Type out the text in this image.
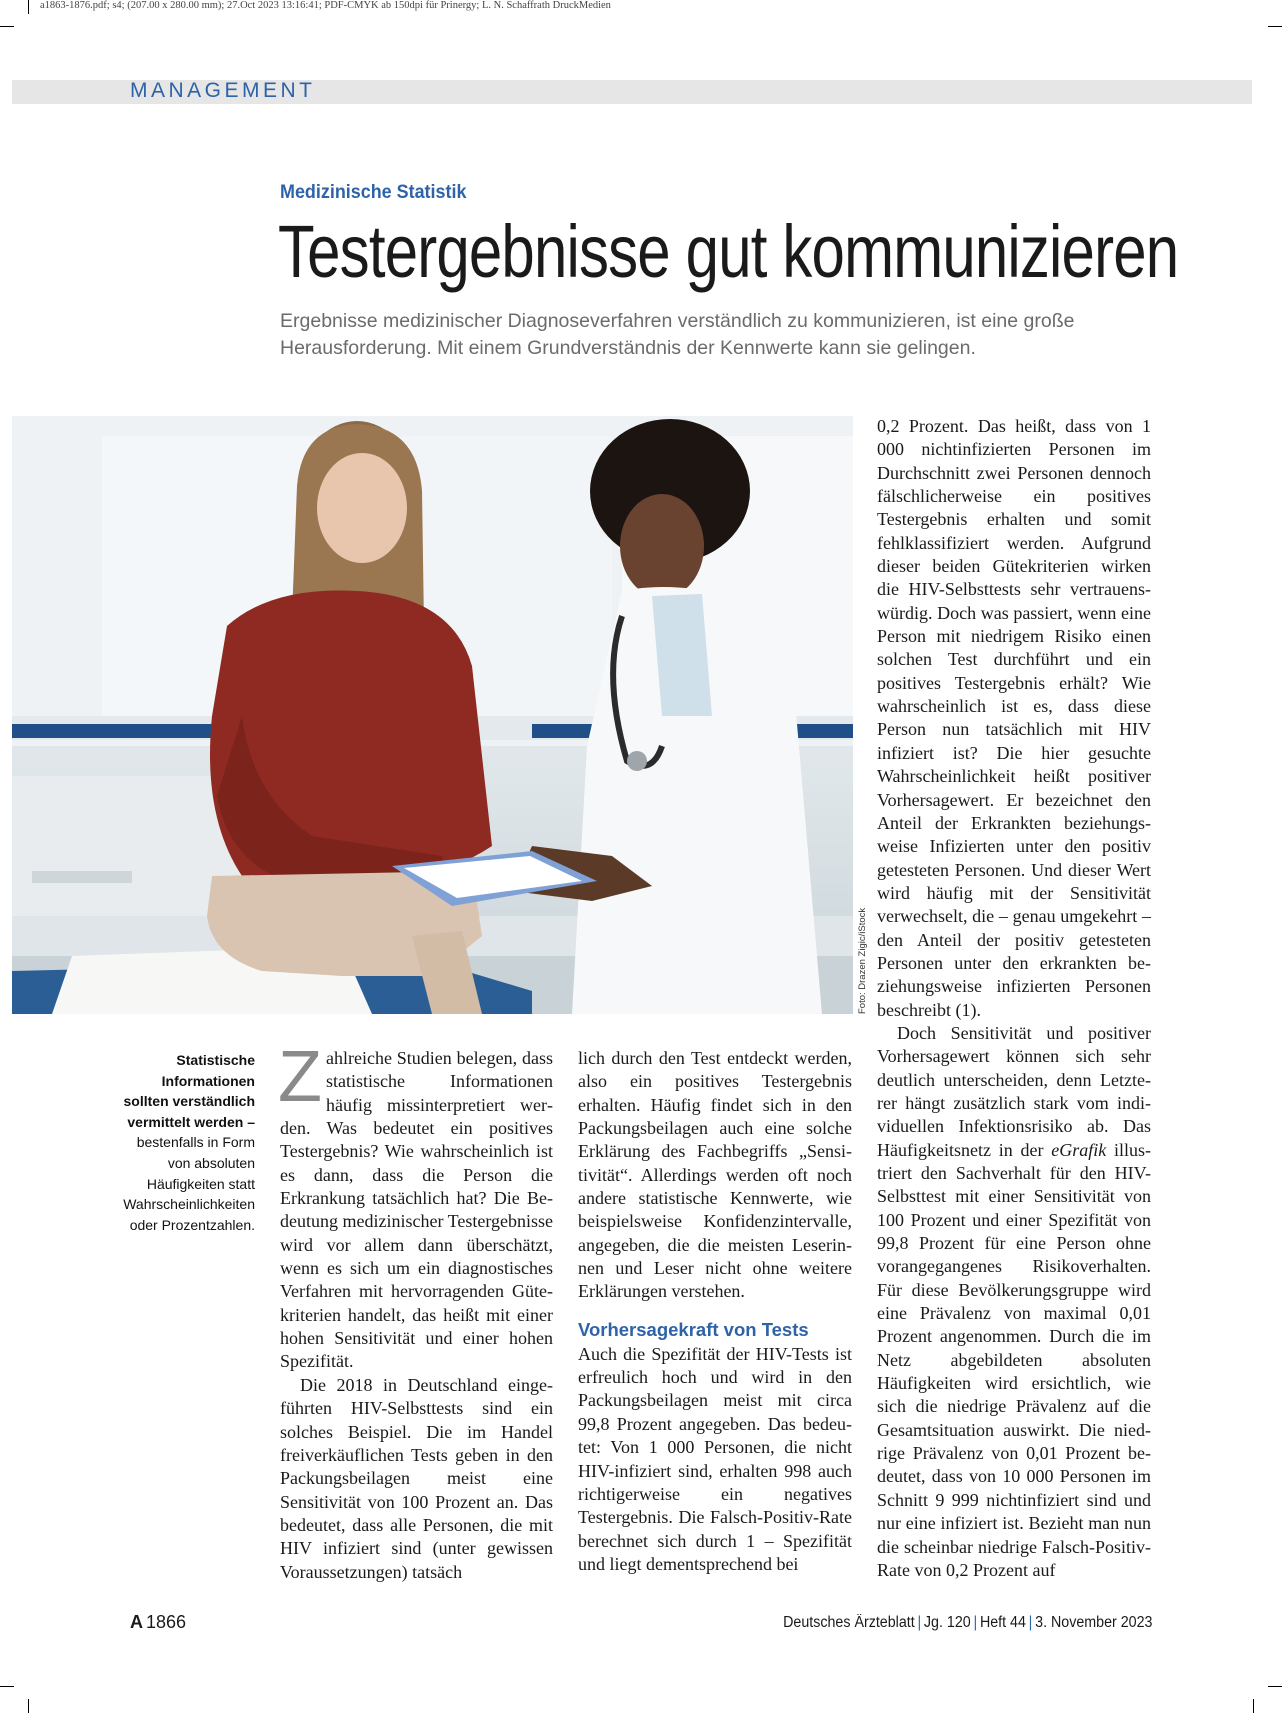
a1863-1876.pdf; s4; (207.00 x 280.00 mm); 27.Oct 2023 13:16:41; PDF-CMYK ab 150dpi für Prinergy; L. N. Schaffrath DruckMedien
MANAGEMENT
Medizinische Statistik
Testergebnisse gut kommunizieren
Ergebnisse medizinischer Diagnoseverfahren verständlich zu kommunizieren, ist eine große Herausforderung. Mit einem Grundverständnis der Kennwerte kann sie gelingen.
Foto: Drazen Zigic/iStock
Statistische Informationen sollten verständlich vermittelt werden – bestenfalls in Form von absoluten Häufigkeiten statt Wahrscheinlichkeiten oder Prozentzahlen.

Zahlreiche Studien belegen, dass statistische Informationen häufig missinterpretiert werden. Was bedeutet ein positives Testergebnis? Wie wahrscheinlich ist es dann, dass die Person die Erkrankung tatsächlich hat? Die Bedeutung medizinischer Testergebnisse wird vor allem dann überschätzt, wenn es sich um ein diagnostisches Verfahren mit hervorragenden Gütekriterien handelt, das heißt mit einer hohen Sensitivität und einer hohen Spezifität.

Die 2018 in Deutschland eingeführten HIV-Selbsttests sind ein solches Beispiel. Die im Handel freiverkäuflichen Tests geben in den Packungsbeilagen meist eine Sensitivität von 100 Prozent an. Das bedeutet, dass alle Personen, die mit HIV infiziert sind (unter gewissen Voraussetzungen) tatsäch

lich durch den Test entdeckt werden, also ein positives Testergebnis erhalten. Häufig findet sich in den Packungsbeilagen auch eine solche Erklärung des Fachbegriffs „Sensitivität“. Allerdings werden oft noch andere statistische Kennwerte, wie beispielsweise Konfidenzintervalle, angegeben, die die meisten Leserinnen und Leser nicht ohne weitere Erklärungen verstehen.

Vorhersagekraft von Tests

Auch die Spezifität der HIV-Tests ist erfreulich hoch und wird in den Packungsbeilagen meist mit circa 99,8 Prozent angegeben. Das bedeutet: Von 1 000 Personen, die nicht HIV-infiziert sind, erhalten 998 auch richtigerweise ein negatives Testergebnis. Die Falsch-Positiv-Rate berechnet sich durch 1 – Spezifität und liegt dementsprechend bei

0,2 Prozent. Das heißt, dass von 1 000 nichtinfizierten Personen im Durchschnitt zwei Personen dennoch fälschlicherweise ein positives Testergebnis erhalten und somit fehlklassifiziert werden. Aufgrund dieser beiden Gütekriterien wirken die HIV-Selbsttests sehr vertrauenswürdig. Doch was passiert, wenn eine Person mit niedrigem Risiko einen solchen Test durchführt und ein positives Testergebnis erhält? Wie wahrscheinlich ist es, dass diese Person nun tatsächlich mit HIV infiziert ist? Die hier gesuchte Wahrscheinlichkeit heißt positiver Vorhersagewert. Er bezeichnet den Anteil der Erkrankten beziehungsweise Infizierten unter den positiv getesteten Personen. Und dieser Wert wird häufig mit der Sensitivität verwechselt, die – genau umgekehrt – den Anteil der positiv getesteten Personen unter den erkrankten beziehungsweise infizierten Personen beschreibt (1).

Doch Sensitivität und positiver Vorhersagewert können sich sehr deutlich unterscheiden, denn Letzterer hängt zusätzlich stark vom individuellen Infektionsrisiko ab. Das Häufigkeitsnetz in der eGrafik illustriert den Sachverhalt für den HIV-Selbsttest mit einer Sensitivität von 100 Prozent und einer Spezifität von 99,8 Prozent für eine Person ohne vorangegangenes Risikoverhalten. Für diese Bevölkerungsgruppe wird eine Prävalenz von maximal 0,01 Prozent angenommen. Durch die im Netz abgebildeten absoluten Häufigkeiten wird ersichtlich, wie sich die niedrige Prävalenz auf die Gesamtsituation auswirkt. Die niedrige Prävalenz von 0,01 Prozent bedeutet, dass von 10 000 Personen im Schnitt 9 999 nichtinfiziert sind und nur eine infiziert ist. Bezieht man nun die scheinbar niedrige Falsch-Positiv-Rate von 0,2 Prozent auf

A 1866	Deutsches Ärzteblatt | Jg. 120 | Heft 44 | 3. November 2023
